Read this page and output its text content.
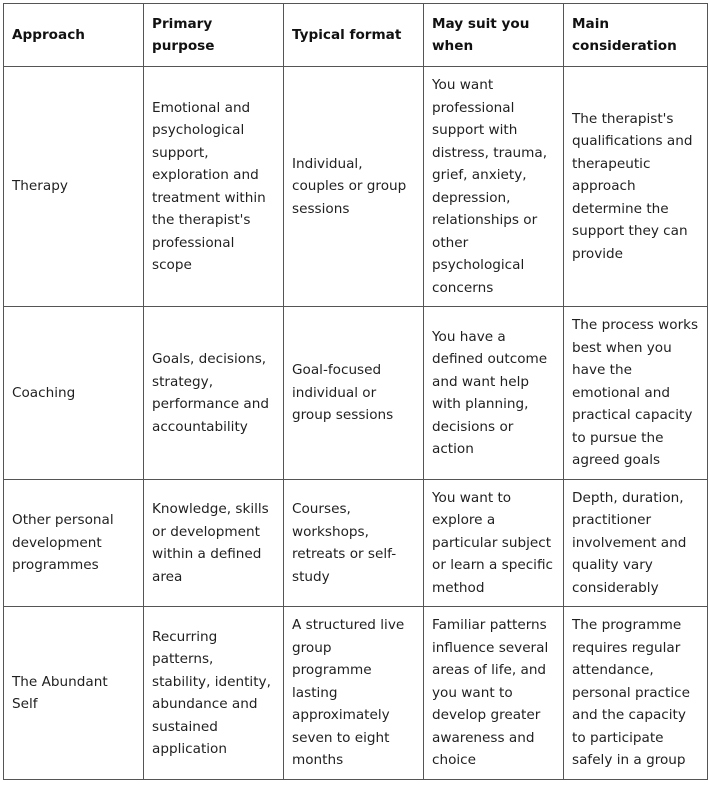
Approach	Primary purpose	Typical format	May suit you when	Main consideration
Therapy	Emotional and psychological support, exploration and treatment within the therapist's professional scope	Individual, couples or group sessions	You want professional support with distress, trauma, grief, anxiety, depression, relationships or other psychological concerns	The therapist's qualifications and therapeutic approach determine the support they can provide
Coaching	Goals, decisions, strategy, performance and accountability	Goal-focused individual or group sessions	You have a defined outcome and want help with planning, decisions or action	The process works best when you have the emotional and practical capacity to pursue the agreed goals
Other personal development programmes	Knowledge, skills or development within a defined area	Courses, workshops, retreats or self-study	You want to explore a particular subject or learn a specific method	Depth, duration, practitioner involvement and quality vary considerably
The Abundant Self	Recurring patterns, stability, identity, abundance and sustained application	A structured live group programme lasting approximately seven to eight months	Familiar patterns influence several areas of life, and you want to develop greater awareness and choice	The programme requires regular attendance, personal practice and the capacity to participate safely in a group
